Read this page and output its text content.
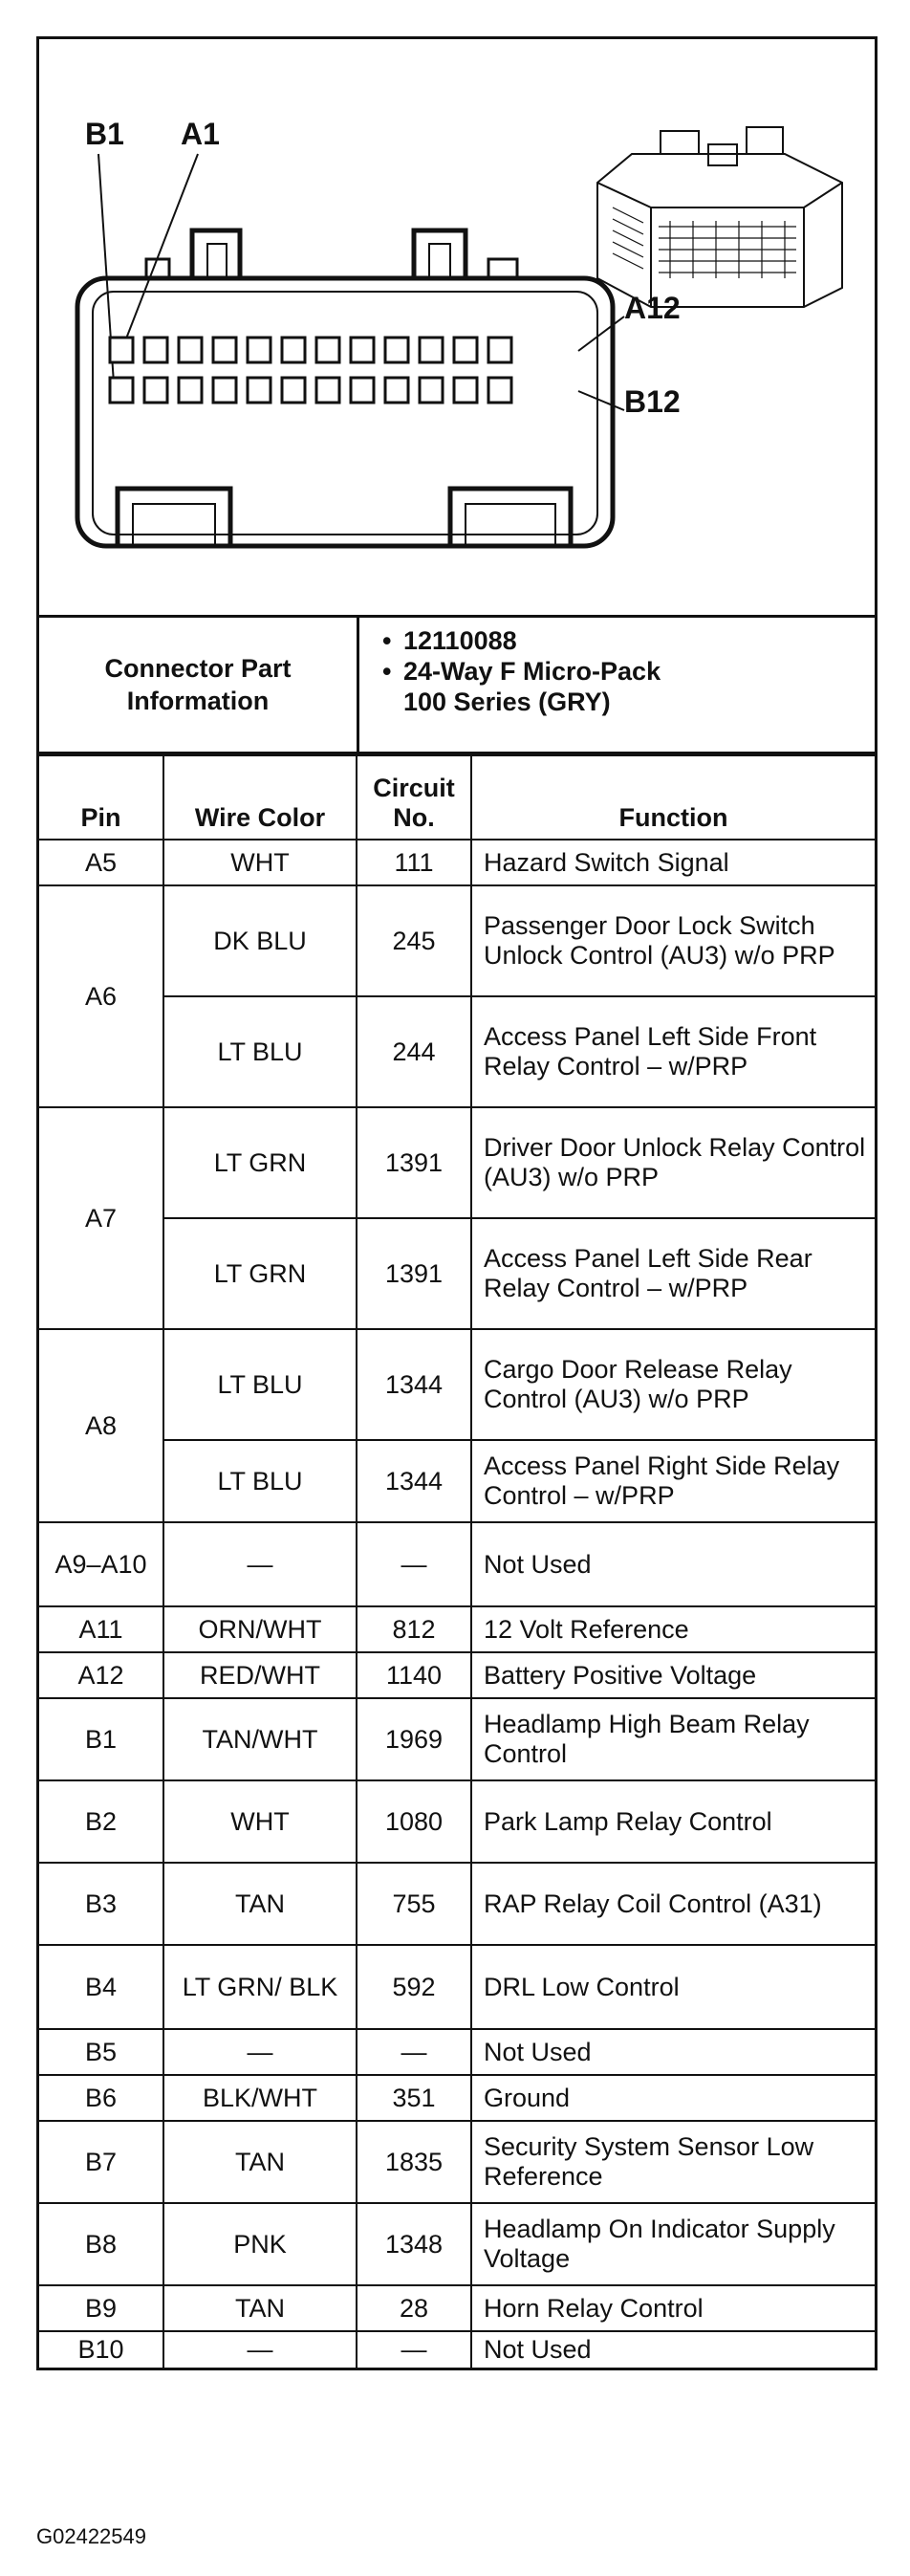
B1 A1
A12
B12
Connector Part Information
• 12110088
• 24-Way F Micro-Pack
100 Series (GRY)
Pin	Wire Color	Circuit No.	Function
A5	WHT	111	Hazard Switch Signal
A6	DK BLU	245	Passenger Door Lock Switch Unlock Control (AU3) w/o PRP
	LT BLU	244	Access Panel Left Side Front Relay Control – w/PRP
A7	LT GRN	1391	Driver Door Unlock Relay Control (AU3) w/o PRP
	LT GRN	1391	Access Panel Left Side Rear Relay Control – w/PRP
A8	LT BLU	1344	Cargo Door Release Relay Control (AU3) w/o PRP
	LT BLU	1344	Access Panel Right Side Relay Control – w/PRP
A9–A10	—	—	Not Used
A11	ORN/WHT	812	12 Volt Reference
A12	RED/WHT	1140	Battery Positive Voltage
B1	TAN/WHT	1969	Headlamp High Beam Relay Control
B2	WHT	1080	Park Lamp Relay Control
B3	TAN	755	RAP Relay Coil Control (A31)
B4	LT GRN/ BLK	592	DRL Low Control
B5	—	—	Not Used
B6	BLK/WHT	351	Ground
B7	TAN	1835	Security System Sensor Low Reference
B8	PNK	1348	Headlamp On Indicator Supply Voltage
B9	TAN	28	Horn Relay Control
B10	—	—	Not Used
G02422549
